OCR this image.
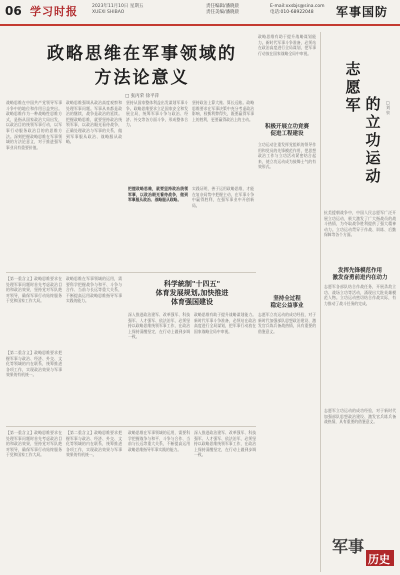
06 学习时报	2023年11月10日 星期五
XUEXI SHIBAO
责任编辑/潘晓晨
责任美编/潘晓晨
E-mail:xxsbjs@sina.com
电话:010-68922048	军事国防
政略思维在军事领域的
方法论意义
□ 张丙荣 徐平萍
战略思维在中国共产党领导军事斗争中的地位和作用日益突出。政略思维作为一种战略性思维方式，是指从国家政治大局出发，以政治目的统领军事行动，以军事行动服务政治目的的思维方法。深刻把握政略思维在军事领域的方法论意义，对于推进强军事业具有重要价值。
政略思维强调从政治高度观察和处理军事问题。军事从来都是政治的继续，战争是政治的延续。把握政略思维，就要坚持政治统领军事，以政治眼光看待战争，正确处理政治与军事的关系，做到军事服从政治、战略服从政略。
坚持从国家整体利益出发谋划军事斗争。政略思维要求立足国家安全和发展全局，统筹军事斗争与政治、经济、外交等各方面斗争，形成整体合力。
坚持政治上算大账、算长远账。政略思维要求在军事决策中充分考虑政治影响，权衡利弊得失，既要赢得军事上的胜利，更要赢得政治上的主动。
政略思维有助于提升战略谋划能力。新时代军事斗争准备，必须站在政治高度进行全局谋划，把军事行动放在国家战略全局中审视。
把握政略思维，就要坚持政治统领军事，以政治眼光看待战争，做到军事服从政治、战略服从政略。
实践证明，善于运用政略思维，才能在复杂局势中把握主动，在军事斗争中赢得胜利，在强军事业中开创新局。
积极开展立功竞赛
促进工程建设
立功运动注重发挥党组织的领导作用和党员的先锋模范作用，把思想政治工作与立功活动紧密结合起来，使立功运动成为鼓舞士气的有效形式。
坚持全过程
稳定公益事业
【第一重含义】政略思维要求在处理军事问题时首先考虑政治目的和政治效果，坚持党对军队绝对领导，确保军事行动始终服务于党和国家工作大局。
【第二重含义】政略思维要求把握军事与政治、经济、外交、文化等领域的内在联系，统筹推进各项工作，实现政治效果与军事效果的有机统一。
政略思维在军事领域的运用，需要科学把握战争与和平、斗争与合作、当前与长远等重大关系，不断提高运用政略思维指导军事实践的能力。
科学統制"十四五"
体育发展规划,加快推进
体育强国建设
深入推进政治建军、改革强军、科技强军、人才强军、依法治军，必须坚持以政略思维统领军事工作，在政治上保持清醒坚定，在行动上做到步调一致。
政略思维有助于提升战略谋划能力。新时代军事斗争准备，必须站在政治高度进行全局谋划，把军事行动放在国家战略全局中审视。
志愿军立功运动的成功经验，对于新时代加强部队思想政治建设、激发官兵练兵备战热情，具有重要的借鉴意义。
【第一重含义】政略思维要求在处理军事问题时首先考虑政治目的和政治效果，坚持党对军队绝对领导，确保军事行动始终服务于党和国家工作大局。
【第二重含义】政略思维要求把握军事与政治、经济、外交、文化等领域的内在联系，统筹推进各项工作，实现政治效果与军事效果的有机统一。
政略思维在军事领域的运用，需要科学把握战争与和平、斗争与合作、当前与长远等重大关系，不断提高运用政略思维指导军事实践的能力。
深入推进政治建军、改革强军、科技强军、人才强军、依法治军，必须坚持以政略思维统领军事工作，在政治上保持清醒坚定，在行动上做到步调一致。
志愿军 的立功运动
□ 刘 泉
抗美援朝战争中，中国人民志愿军广泛开展立功运动，极大激发了广大指战员的战斗热情，为夺取战争胜利提供了强大精神动力。立功运动贯穿于作战、训练、后勤保障等各个方面。
发挥先锋模范作用
激发奋勇前进内在动力
志愿军各部队结合作战任务，开展杀敌立功、战场立功等活动，涌现出大批英雄模范人物。立功运动密切结合作战实际，有力推动了战斗任务的完成。
志愿军立功运动的成功经验，对于新时代加强部队思想政治建设、激发官兵练兵备战热情，具有重要的借鉴意义。
军事
历史
